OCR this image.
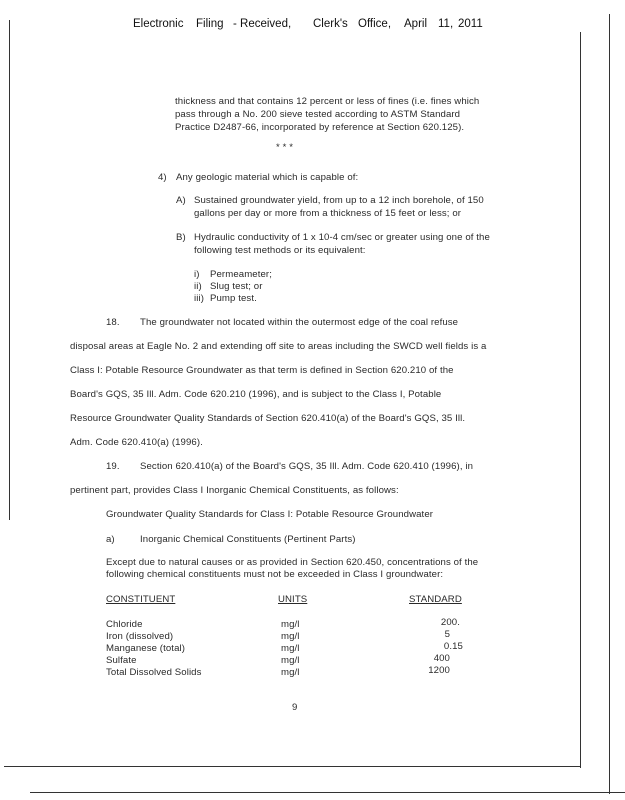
Electronic Filing - Received, Clerk's Office, April 11, 2011
thickness and that contains 12 percent or less of fines (i.e. fines which
pass through a No. 200 sieve tested according to ASTM Standard
Practice D2487-66, incorporated by reference at Section 620.125).
* * *
4) Any geologic material which is capable of:
A) Sustained groundwater yield, from up to a 12 inch borehole, of 150
gallons per day or more from a thickness of 15 feet or less; or
B) Hydraulic conductivity of 1 x 10-4 cm/sec or greater using one of the
following test methods or its equivalent:
i) Permeameter;
ii) Slug test; or
iii) Pump test.
18. The groundwater not located within the outermost edge of the coal refuse
disposal areas at Eagle No. 2 and extending off site to areas including the SWCD well fields is a
Class I: Potable Resource Groundwater as that term is defined in Section 620.210 of the
Board's GQS, 35 Ill. Adm. Code 620.210 (1996), and is subject to the Class I, Potable
Resource Groundwater Quality Standards of Section 620.410(a) of the Board's GQS, 35 Ill.
Adm. Code 620.410(a) (1996).
19. Section 620.410(a) of the Board's GQS, 35 Ill. Adm. Code 620.410 (1996), in
pertinent part, provides Class I Inorganic Chemical Constituents, as follows:
Groundwater Quality Standards for Class I: Potable Resource Groundwater
a)	Inorganic Chemical Constituents (Pertinent Parts)
Except due to natural causes or as provided in Section 620.450, concentrations of the
following chemical constituents must not be exceeded in Class I groundwater:
CONSTITUENT	UNITS	STANDARD
Chloride	mg/l	200.
Iron (dissolved)	mg/l	5
Manganese (total)	mg/l	0.15
Sulfate	mg/l	400
Total Dissolved Solids	mg/l	1200
9
